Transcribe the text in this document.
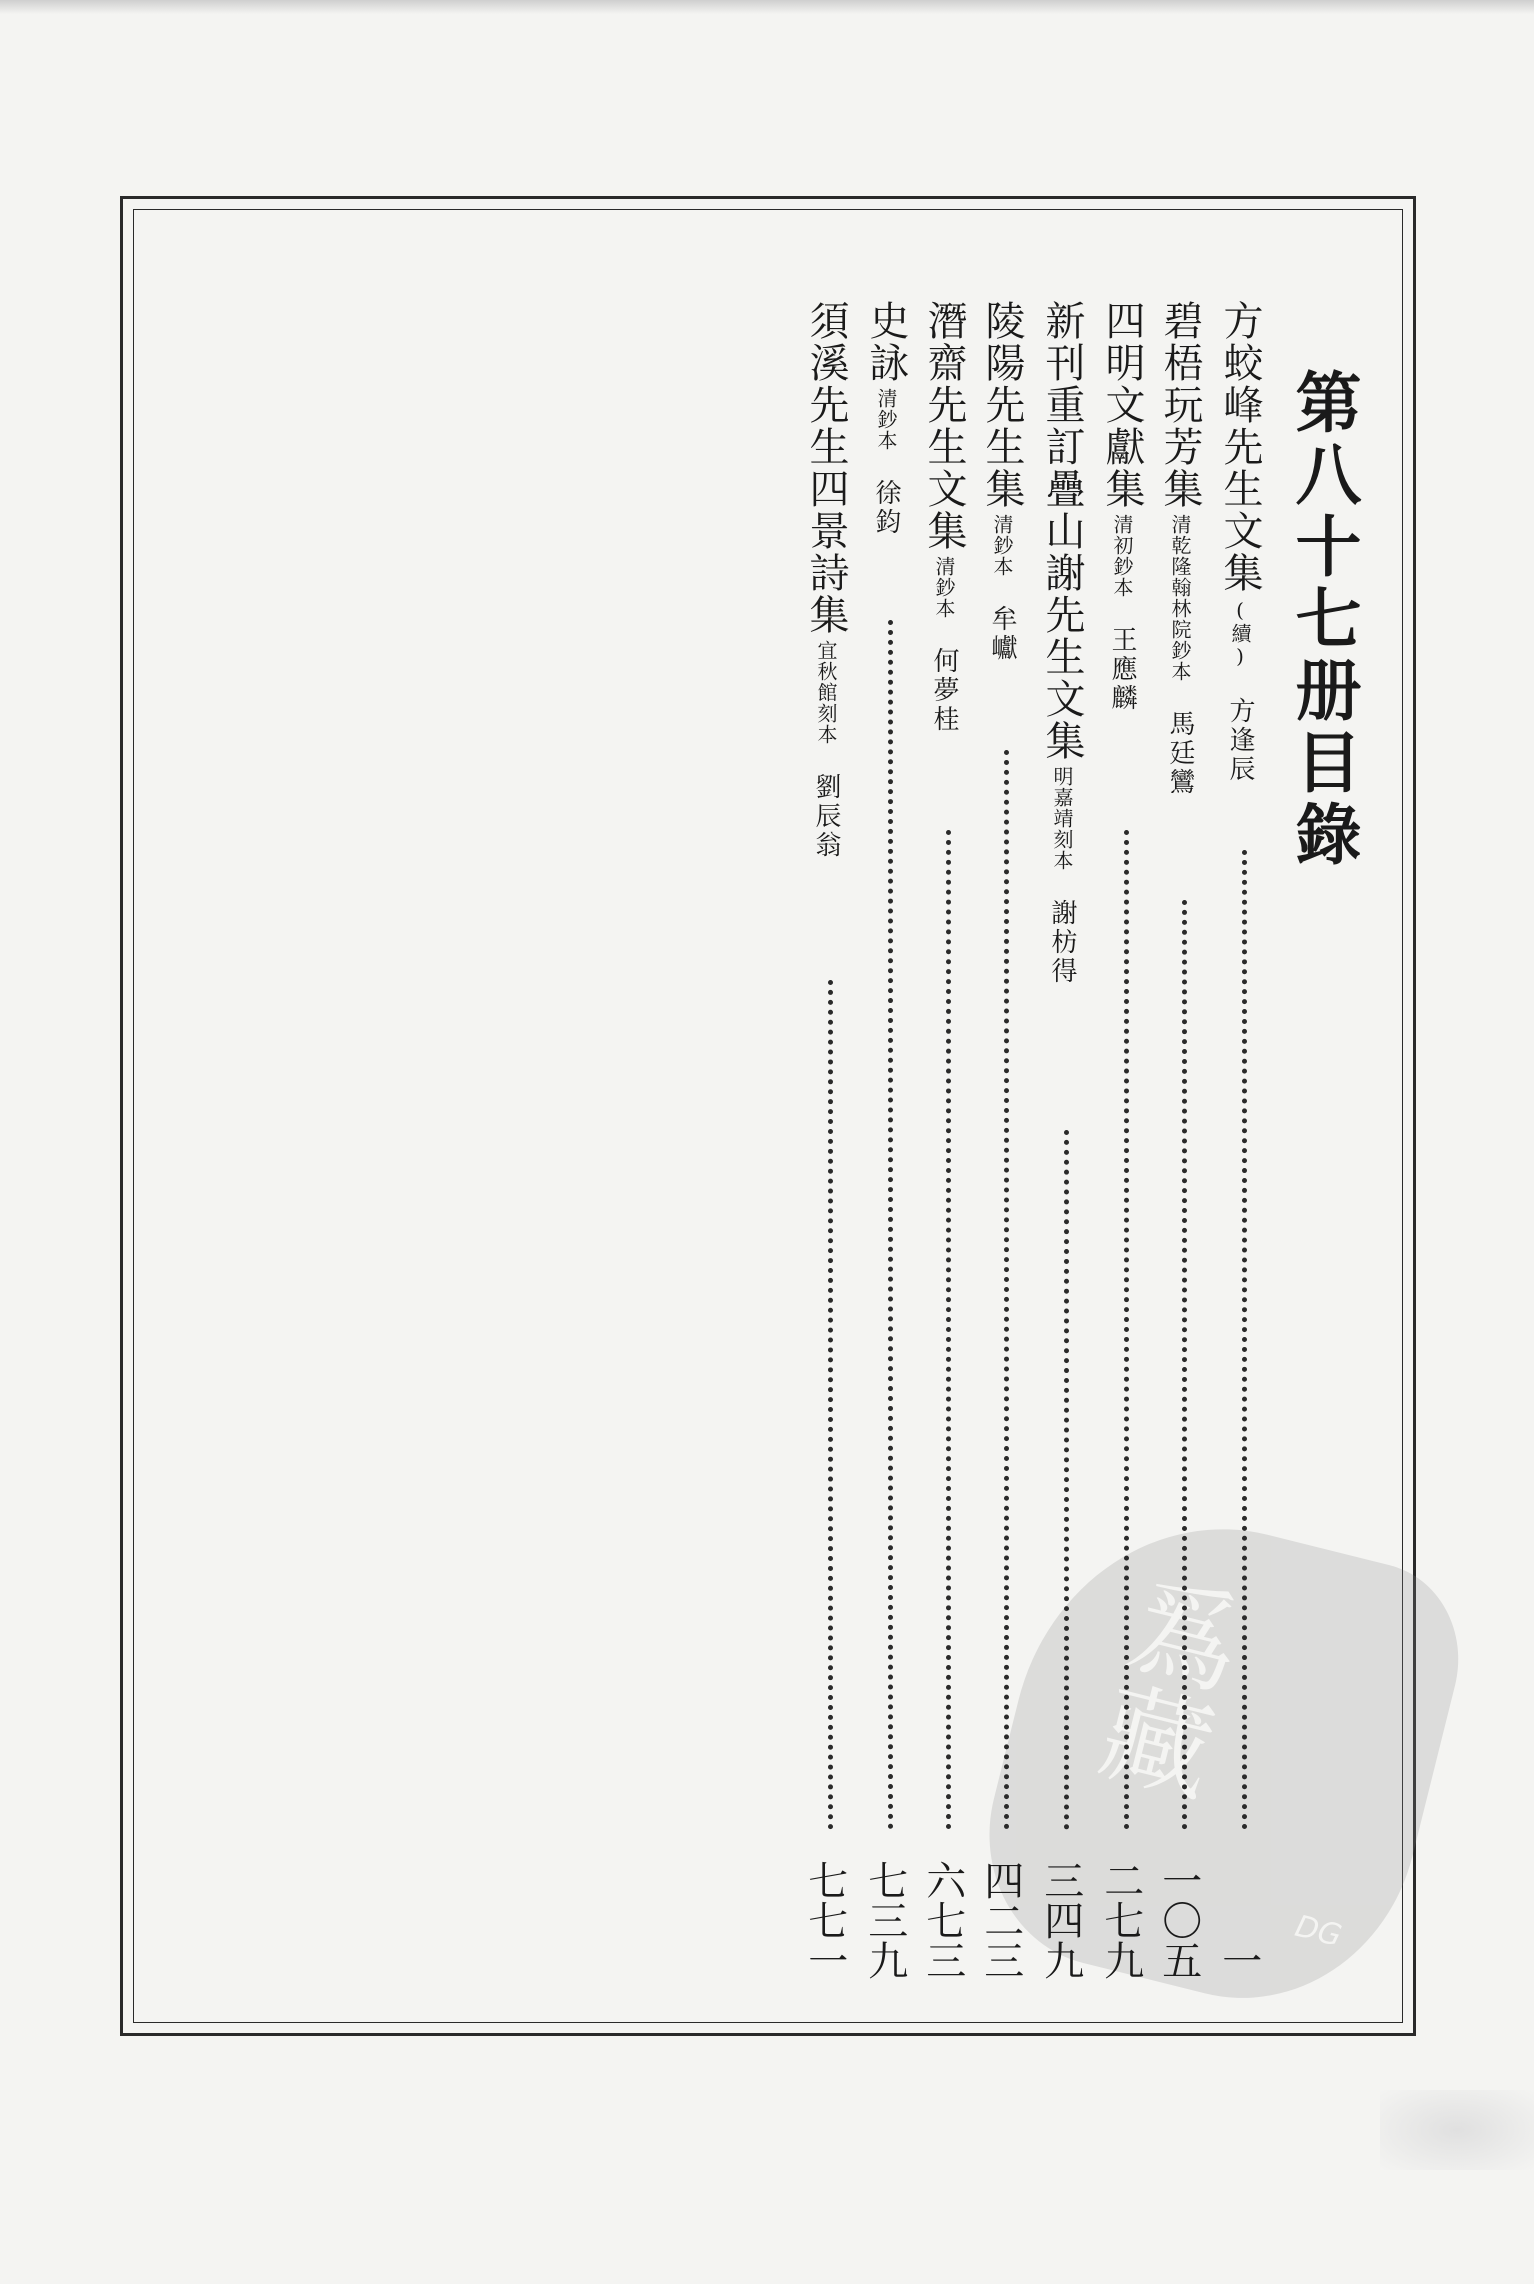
𤔡藏
DG
第八十七册目錄
方蛟峰先生文集
(續)
方逢辰
一
碧梧玩芳集
清乾隆翰林院鈔本
馬廷鸞
一〇五
四明文獻集
清初鈔本
王應麟
二七九
新刊重訂疊山謝先生文集
明嘉靖刻本
謝枋得
三四九
陵陽先生集
清鈔本
牟巘
四二三
潛齋先生文集
清鈔本
何夢桂
六七三
史詠
清鈔本
徐鈞
七三九
須溪先生四景詩集
宜秋館刻本
劉辰翁
七七一
